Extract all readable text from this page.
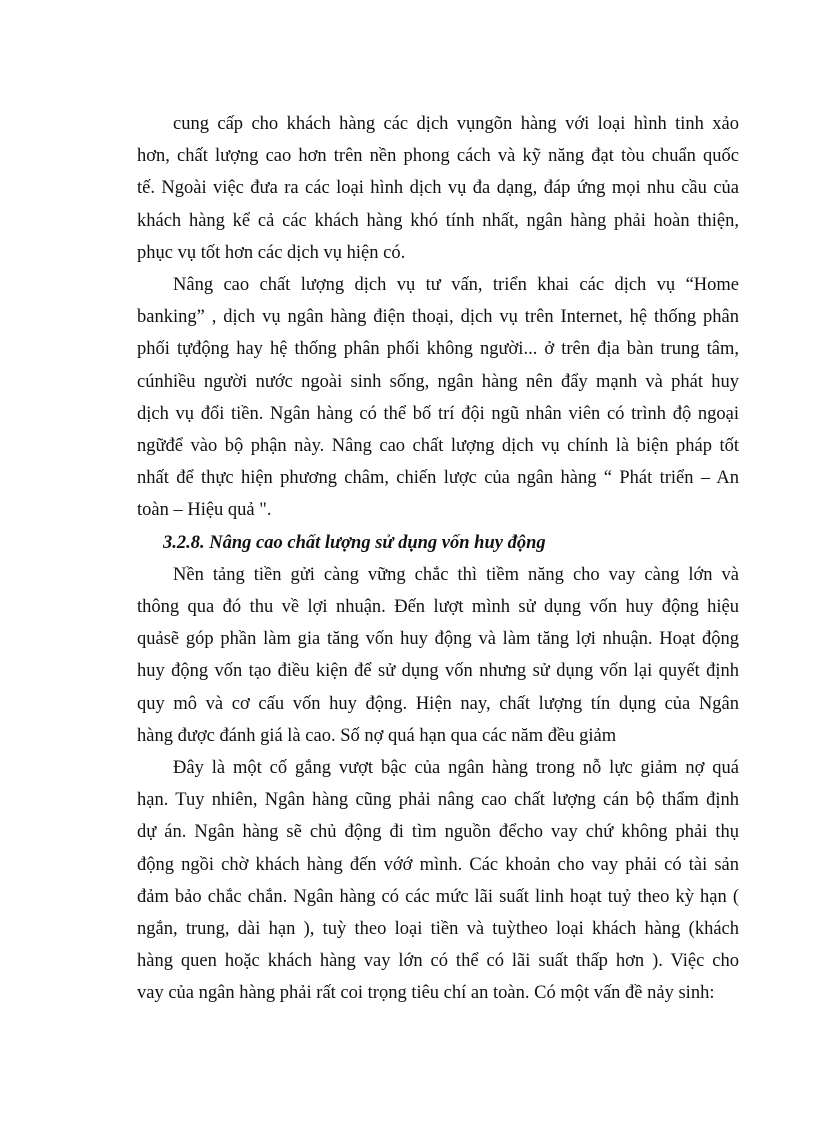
cung cấp cho khách hàng các dịch vụngõn hàng với loại hình tinh xảo
hơn, chất lượng cao hơn trên nền phong cách và kỹ năng đạt tòu chuẩn quốc
tế. Ngoài việc đưa ra các loại hình dịch vụ đa dạng, đáp ứng mọi nhu cầu của
khách hàng kể cả các khách hàng khó tính nhất, ngân hàng phải hoàn thiện,
phục vụ tốt hơn các dịch vụ hiện có.

Nâng cao chất lượng dịch vụ tư vấn, triển khai các dịch vụ “Home
banking” , dịch vụ ngân hàng điện thoại, dịch vụ trên Internet, hệ thống phân
phối tựđộng hay hệ thống phân phối không người... ở trên địa bàn trung tâm,
cúnhiều người nước ngoài sinh sống, ngân hàng nên đẩy mạnh và phát huy
dịch vụ đổi tiền. Ngân hàng có thể bố trí đội ngũ nhân viên có trình độ ngoại
ngữđể vào bộ phận này. Nâng cao chất lượng dịch vụ chính là biện pháp tốt
nhất để thực hiện phương châm, chiến lược của ngân hàng “ Phát triển – An
toàn – Hiệu quả ".

3.2.8. Nâng cao chất lượng sử dụng vốn huy động

Nền tảng tiền gửi càng vững chắc thì tiềm năng cho vay càng lớn và
thông qua đó thu về lợi nhuận. Đến lượt mình sử dụng vốn huy động hiệu
quảsẽ góp phần làm gia tăng vốn huy động và làm tăng lợi nhuận. Hoạt động
huy động vốn tạo điều kiện để sử dụng vốn nhưng sử dụng vốn lại quyết định
quy mô và cơ cấu vốn huy động. Hiện nay, chất lượng tín dụng của Ngân
hàng được đánh giá là cao. Số nợ quá hạn qua các năm đều giảm

Đây là một cố gắng vượt bậc của ngân hàng trong nỗ lực giảm nợ quá
hạn. Tuy nhiên, Ngân hàng cũng phải nâng cao chất lượng cán bộ thẩm định
dự án. Ngân hàng sẽ chủ động đi tìm nguồn đểcho vay chứ không phải thụ
động ngồi chờ khách hàng đến vớớ mình. Các khoản cho vay phải có tài sản
đảm bảo chắc chắn. Ngân hàng có các mức lãi suất linh hoạt tuỷ theo kỳ hạn (
ngắn, trung, dài hạn ), tuỳ theo loại tiền và tuỳtheo loại khách hàng (khách
hàng quen hoặc khách hàng vay lớn có thể có lãi suất thấp hơn ). Việc cho
vay của ngân hàng phải rất coi trọng tiêu chí an toàn. Có một vấn đề nảy sinh:
